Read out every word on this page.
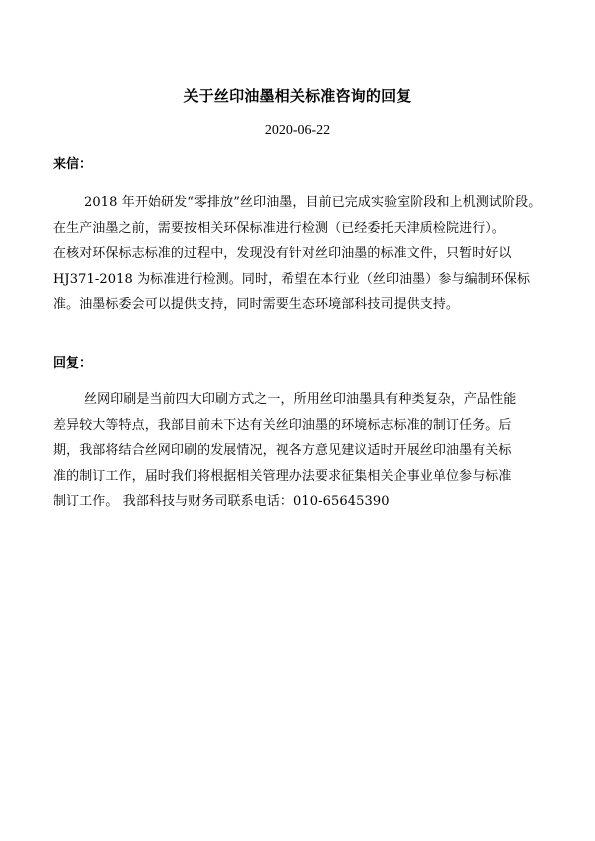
关于丝印油墨相关标准咨询的回复
2020-06-22
来信：
2018 年开始研发“零排放”丝印油墨，目前已完成实验室阶段和上机测试阶段。
在生产油墨之前，需要按相关环保标准进行检测（已经委托天津质检院进行）。
在核对环保标志标准的过程中，发现没有针对丝印油墨的标准文件，只暂时好以
HJ371-2018 为标准进行检测。同时，希望在本行业（丝印油墨）参与编制环保标
准。油墨标委会可以提供支持，同时需要生态环境部科技司提供支持。
回复：
丝网印刷是当前四大印刷方式之一，所用丝印油墨具有种类复杂，产品性能
差异较大等特点，我部目前未下达有关丝印油墨的环境标志标准的制订任务。后
期，我部将结合丝网印刷的发展情况，视各方意见建议适时开展丝印油墨有关标
准的制订工作，届时我们将根据相关管理办法要求征集相关企事业单位参与标准
制订工作。 我部科技与财务司联系电话：010-65645390
